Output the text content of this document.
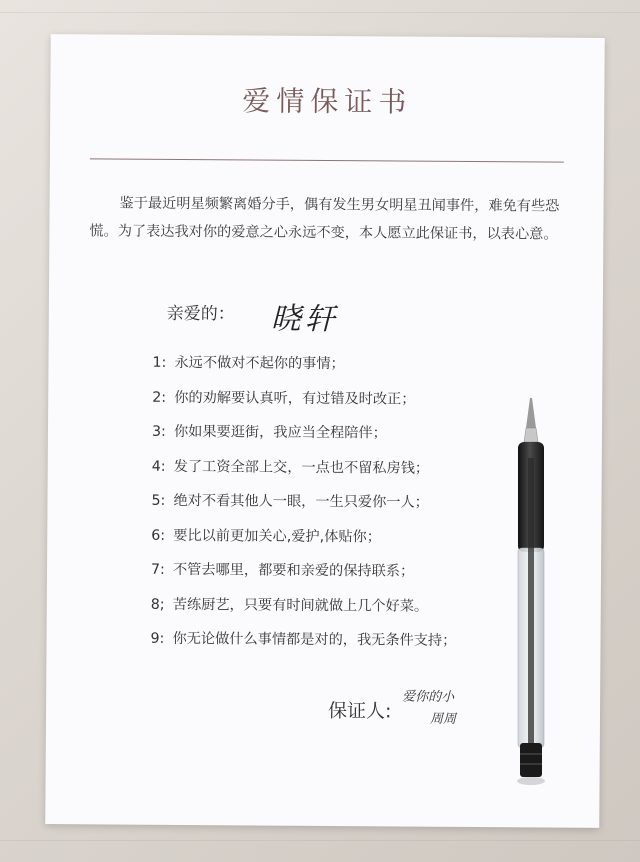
爱情保证书
鉴于最近明星频繁离婚分手，偶有发生男女明星丑闻事件，难免有些恐慌。为了表达我对你的爱意之心永远不变，本人愿立此保证书，以表心意。
亲爱的： 晓轩
1: 永远不做对不起你的事情；
2: 你的劝解要认真听，有过错及时改正；
3: 你如果要逛街，我应当全程陪伴；
4: 发了工资全部上交，一点也不留私房钱；
5: 绝对不看其他人一眼，一生只爱你一人；
6: 要比以前更加关心,爱护,体贴你；
7: 不管去哪里，都要和亲爱的保持联系；
8; 苦练厨艺，只要有时间就做上几个好菜。
9: 你无论做什么事情都是对的，我无条件支持；
保证人:
爱你的小
周周
